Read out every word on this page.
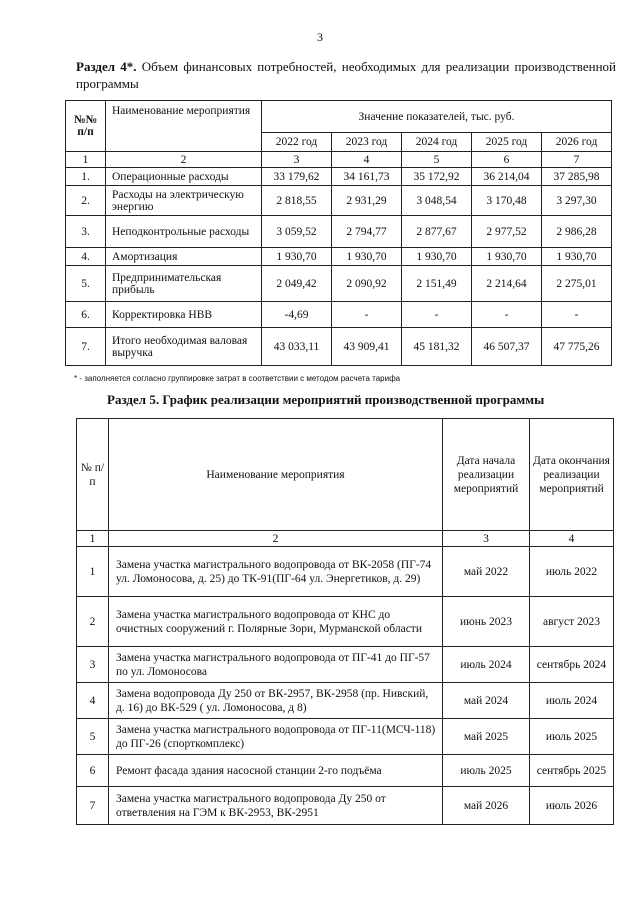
3
Раздел 4*. Объем финансовых потребностей, необходимых для реализации производственной программы
№№ п/п	Наименование мероприятия	Значение показателей, тыс. руб.				
		2022 год	2023 год	2024 год	2025 год	2026 год
1	2	3	4	5	6	7
1.	Операционные расходы	33 179,62	34 161,73	35 172,92	36 214,04	37 285,98
2.	Расходы на электрическую энергию	2 818,55	2 931,29	3 048,54	3 170,48	3 297,30
3.	Неподконтрольные расходы	3 059,52	2 794,77	2 877,67	2 977,52	2 986,28
4.	Амортизация	1 930,70	1 930,70	1 930,70	1 930,70	1 930,70
5.	Предпринимательская прибыль	2 049,42	2 090,92	2 151,49	2 214,64	2 275,01
6.	Корректировка НВВ	-4,69	-	-	-	-
7.	Итого необходимая валовая выручка	43 033,11	43 909,41	45 181,32	46 507,37	47 775,26
* - заполняется согласно группировке затрат в соответствии с методом расчета тарифа
Раздел 5. График реализации мероприятий производственной программы
№ п/п	Наименование мероприятия	Дата начала реализации мероприятий	Дата окончания реализации мероприятий
1	2	3	4
1	Замена участка магистрального водопровода от ВК-2058 (ПГ-74 ул. Ломоносова, д. 25) до ТК-91(ПГ-64 ул. Энергетиков, д. 29)	май 2022	июль 2022
2	Замена участка магистрального водопровода от КНС до очистных сооружений г. Полярные Зори, Мурманской области	июнь 2023	август 2023
3	Замена участка магистрального водопровода от ПГ-41 до ПГ-57 по ул. Ломоносова	июль 2024	сентябрь 2024
4	Замена водопровода Ду 250 от ВК-2957, ВК-2958 (пр. Нивский, д. 16) до ВК-529 ( ул. Ломоносова, д 8)	май 2024	июль 2024
5	Замена участка магистрального водопровода от ПГ-11(МСЧ-118) до ПГ-26 (спорткомплекс)	май 2025	июль 2025
6	Ремонт фасада здания насосной станции 2-го подъёма	июль 2025	сентябрь 2025
7	Замена участка магистрального водопровода Ду 250 от ответвления на ГЭМ к ВК-2953, ВК-2951	май 2026	июль 2026
